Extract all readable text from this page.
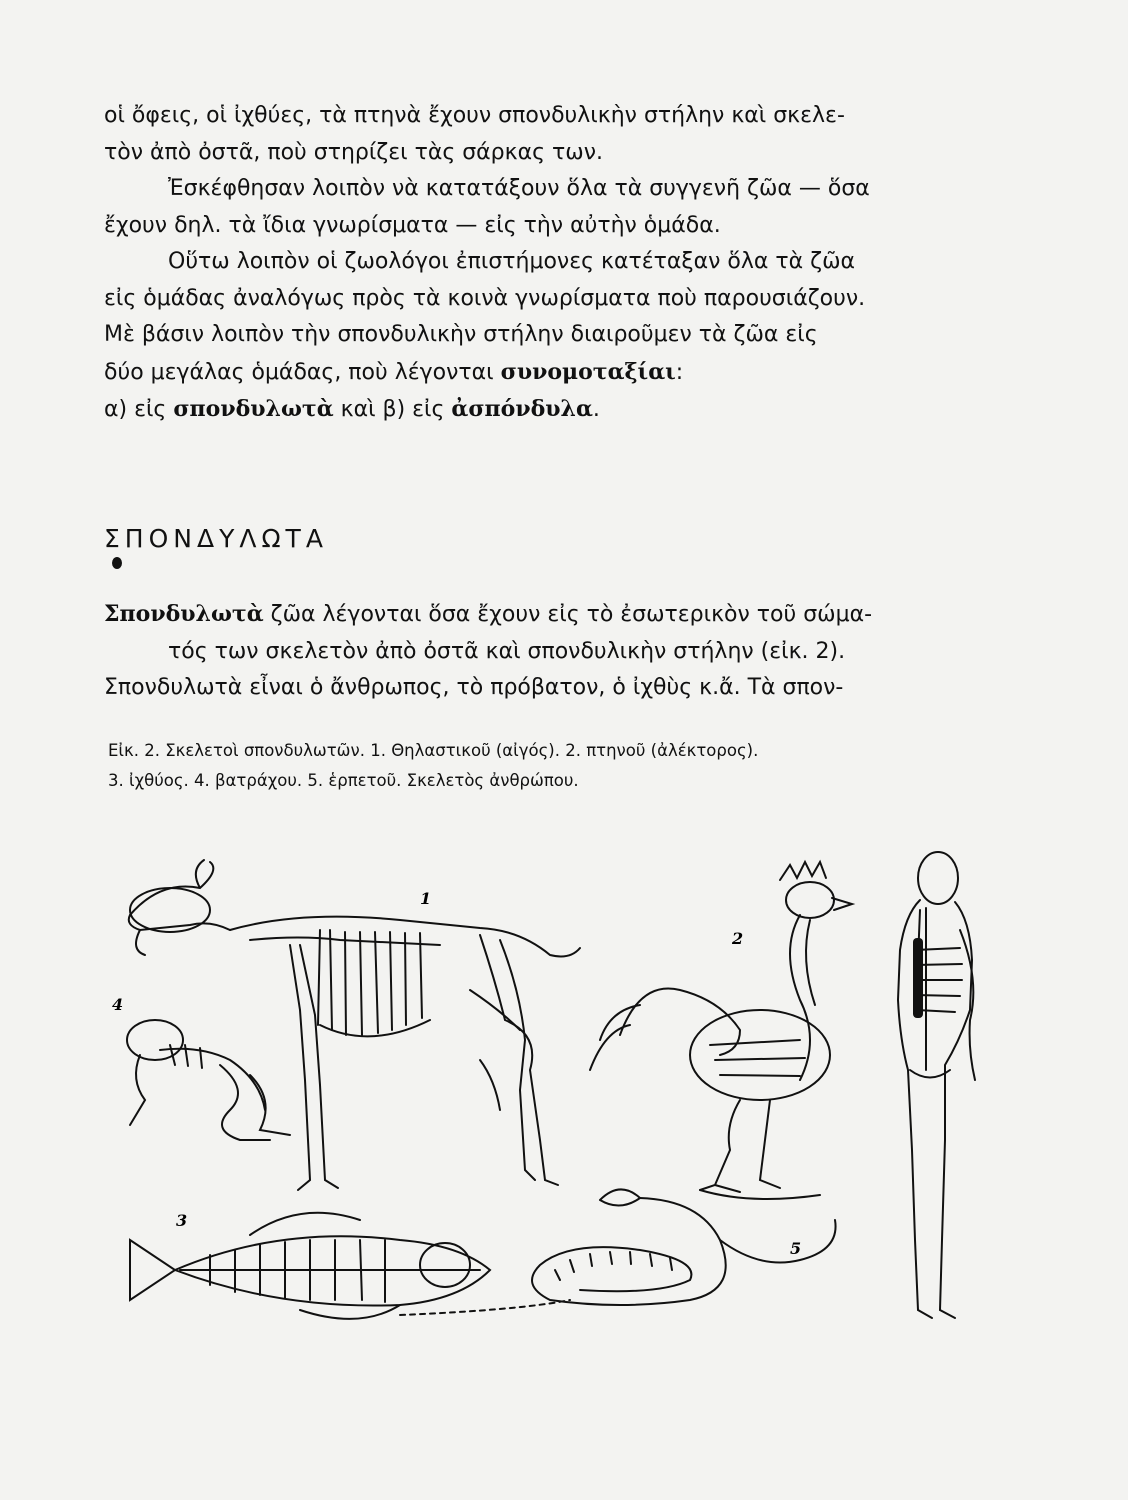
οἱ ὄφεις, οἱ ἰχθύες, τὰ πτηνὰ ἔχουν σπονδυλικὴν στήλην καὶ σκελε-
τὸν ἀπὸ ὀστᾶ, ποὺ στηρίζει τὰς σάρκας των.
Ἐσκέφθησαν λοιπὸν νὰ κατατάξουν ὅλα τὰ συγγενῆ ζῶα — ὅσα
ἔχουν δηλ. τὰ ἴδια γνωρίσματα — εἰς τὴν αὐτὴν ὁμάδα.
Οὕτω λοιπὸν οἱ ζωολόγοι ἐπιστήμονες κατέταξαν ὅλα τὰ ζῶα
εἰς ὁμάδας ἀναλόγως πρὸς τὰ κοινὰ γνωρίσματα ποὺ παρουσιάζουν.
Μὲ βάσιν λοιπὸν τὴν σπονδυλικὴν στήλην διαιροῦμεν τὰ ζῶα εἰς
δύο μεγάλας ὁμάδας, ποὺ λέγονται συνομοταξίαι:
α) εἰς σπονδυλωτὰ καὶ β) εἰς ἀσπόνδυλα.
ΣΠΟΝΔΥΛΩΤΑ
Σπονδυλωτὰ ζῶα λέγονται ὅσα ἔχουν εἰς τὸ ἐσωτερικὸν τοῦ σώμα-
τός των σκελετὸν ἀπὸ ὀστᾶ καὶ σπονδυλικὴν στήλην (εἰκ. 2).
Σπονδυλωτὰ εἶναι ὁ ἄνθρωπος, τὸ πρόβατον, ὁ ἰχθὺς κ.ἄ. Τὰ σπον-
Εἰκ. 2. Σκελετοὶ σπονδυλωτῶν. 1. Θηλαστικοῦ (αἰγός). 2. πτηνοῦ (ἀλέκτορος).
3. ἰχθύος. 4. βατράχου. 5. ἑρπετοῦ. Σκελετὸς ἀνθρώπου.
1
2
3
4
5
